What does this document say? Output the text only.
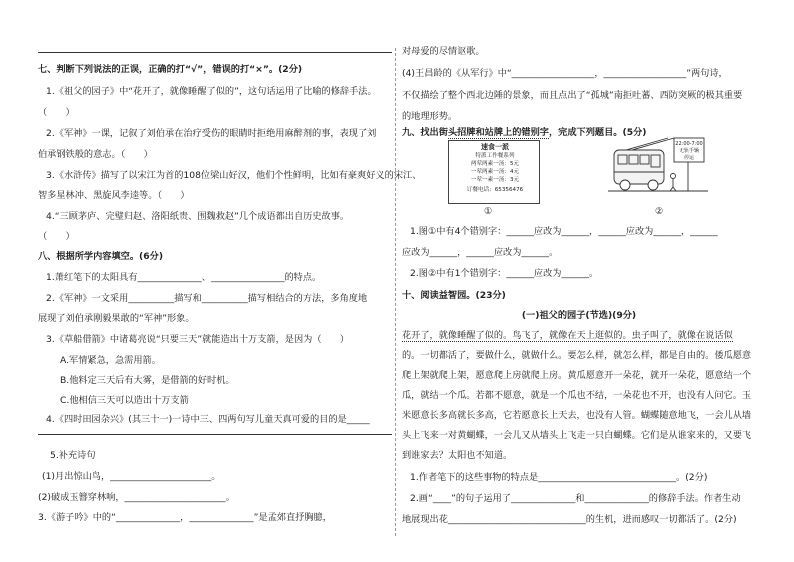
七、判断下列说法的正误，正确的打“√”，错误的打“×”。(2分)
1.《祖父的园子》中“花开了，就像睡醒了似的”，这句话运用了比喻的修辞手法。
（　　）
2.《军神》一课，记叙了刘伯承在治疗受伤的眼睛时拒绝用麻醉剂的事，表现了刘
伯承钢铁般的意志。（　　）
3.《水浒传》描写了以宋江为首的108位梁山好汉，他们个性鲜明，比如有豪爽好义的宋江、
智多星林冲、黑旋风李逵等。（　　）
4.“三顾茅庐、完璧归赵、洛阳纸贵、围魏救赵”几个成语都出自历史故事。
（　　）
八、根据所学内容填空。(6分)
1.萧红笔下的太阳具有______________、________________的特点。
2.《军神》一文采用__________描写和__________描写相结合的方法，多角度地
展现了刘伯承刚毅果敢的“军神”形象。
3.《草船借箭》中诸葛亮说“只要三天”就能造出十万支箭，是因为（　　）
A.军情紧急，急需用箭。
B.他料定三天后有大雾，是借箭的好时机。
C.他相信三天可以造出十万支箭
4.《四时田园杂兴》(其三十一)一诗中三、四两句写儿童天真可爱的目的是_____
5.补充诗句
(1)月出惊山鸟，______________________。
(2)破成玉簪穿林响，______________________。
3.《游子吟》中的“______________，______________”是孟郊直抒胸臆，
对母爱的尽情讴歌。
(4)王昌龄的《从军行》中“__________________，__________________”两句诗，
不仅描绘了整个西北边陲的景象，而且点出了“孤城”南拒吐蕃、西防突厥的极其重要
的地理形势。
九、找出街头招牌和站牌上的错别字，完成下列题目。(5分)
①	②
1.图①中有4个错别字：______应改为______，______应改为______，______
应改为______，______应改为______。
2.图②中有1个错别字：______应改为______。
十、阅读益智园。(23分)
(一)祖父的园子(节选)(9分)
花开了，就像睡醒了似的。鸟飞了，就像在天上逛似的。虫子叫了，就像在说话似
的。一切都活了，要做什么，就做什么。要怎么样，就怎么样，都是自由的。倭瓜愿意
爬上架就爬上架，愿意爬上房就爬上房。黄瓜愿意开一朵花，就开一朵花，愿意结一个
瓜，就结一个瓜。若都不愿意，就是一个瓜也不结，一朵花也不开，也没有人问它。玉
米愿意长多高就长多高，它若愿意长上天去，也没有人管。蝴蝶随意地飞，一会儿从墙
头上飞来一对黄蝴蝶，一会儿又从墙头上飞走一只白蝴蝶。它们是从谁家来的，又要飞
到谁家去？太阳也不知道。
1.作者笔下的这些事物的特点是______________________________。(2分)
2.画“____”的句子运用了______________和______________的修辞手法。作者生动
地展现出花______________________________的生机，进而感叹一切都活了。(2分)
速食一派
特派工作餐系列
两荤两素一汤：5元
一荤两素一汤：4元
一荤一素一汤：3元
订餐电话：65356476
22:00-7:00
无轨手辆
停运
